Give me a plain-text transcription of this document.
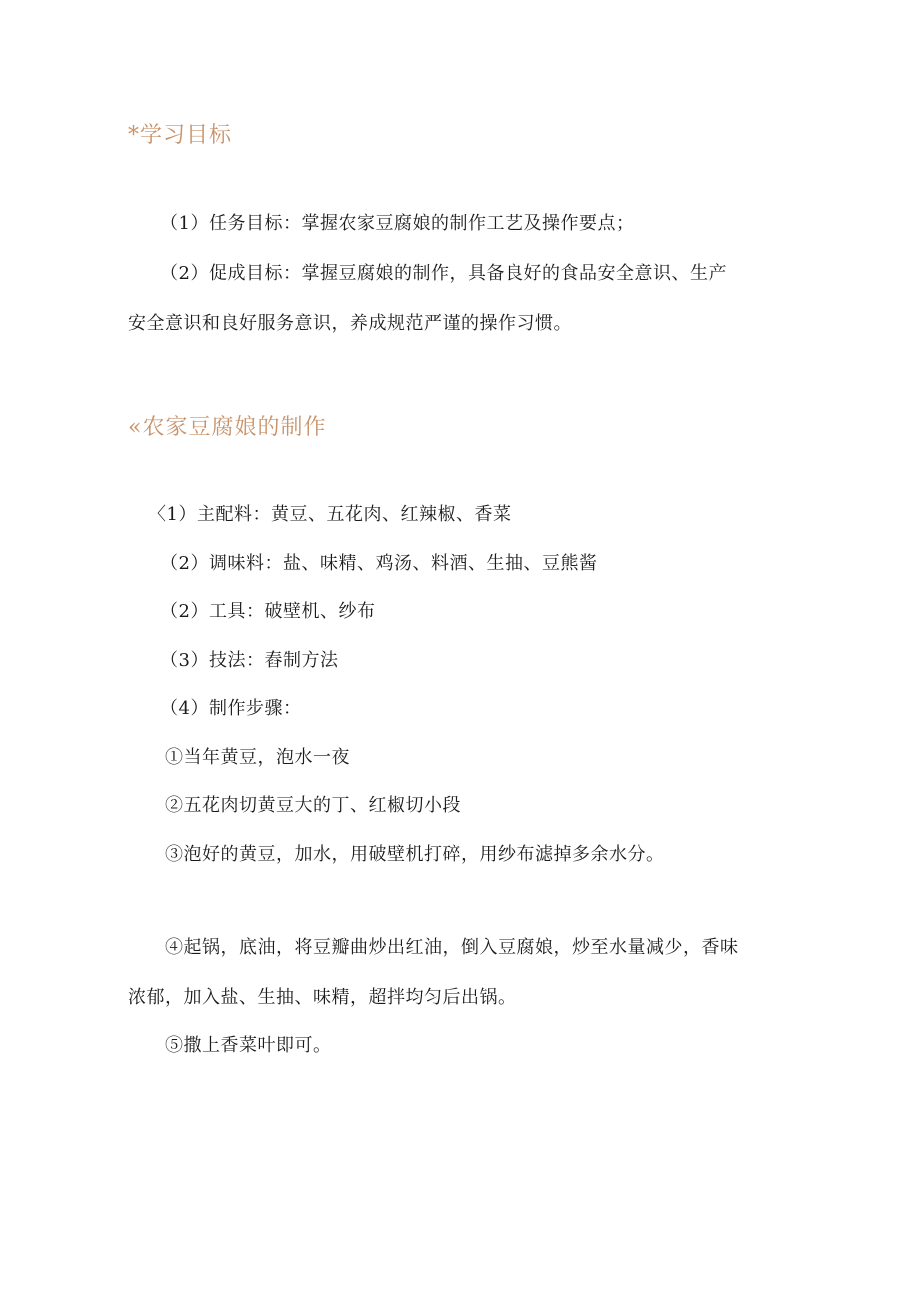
*学习目标
（1）任务目标：掌握农家豆腐娘的制作工艺及操作要点；
（2）促成目标：掌握豆腐娘的制作，具备良好的食品安全意识、生产
安全意识和良好服务意识，养成规范严谨的操作习惯。
«农家豆腐娘的制作
〈1）主配料：黄豆、五花肉、红辣椒、香菜
（2）调味料：盐、味精、鸡汤、料酒、生抽、豆熊酱
（2）工具：破壁机、纱布
（3）技法：舂制方法
（4）制作步骤：
①当年黄豆，泡水一夜
②五花肉切黄豆大的丁、红椒切小段
③泡好的黄豆，加水，用破壁机打碎，用纱布滤掉多余水分。
④起锅，底油，将豆瓣曲炒出红油，倒入豆腐娘，炒至水量减少，香味
浓郁，加入盐、生抽、味精，超拌均匀后出锅。
⑤撒上香菜叶即可。
